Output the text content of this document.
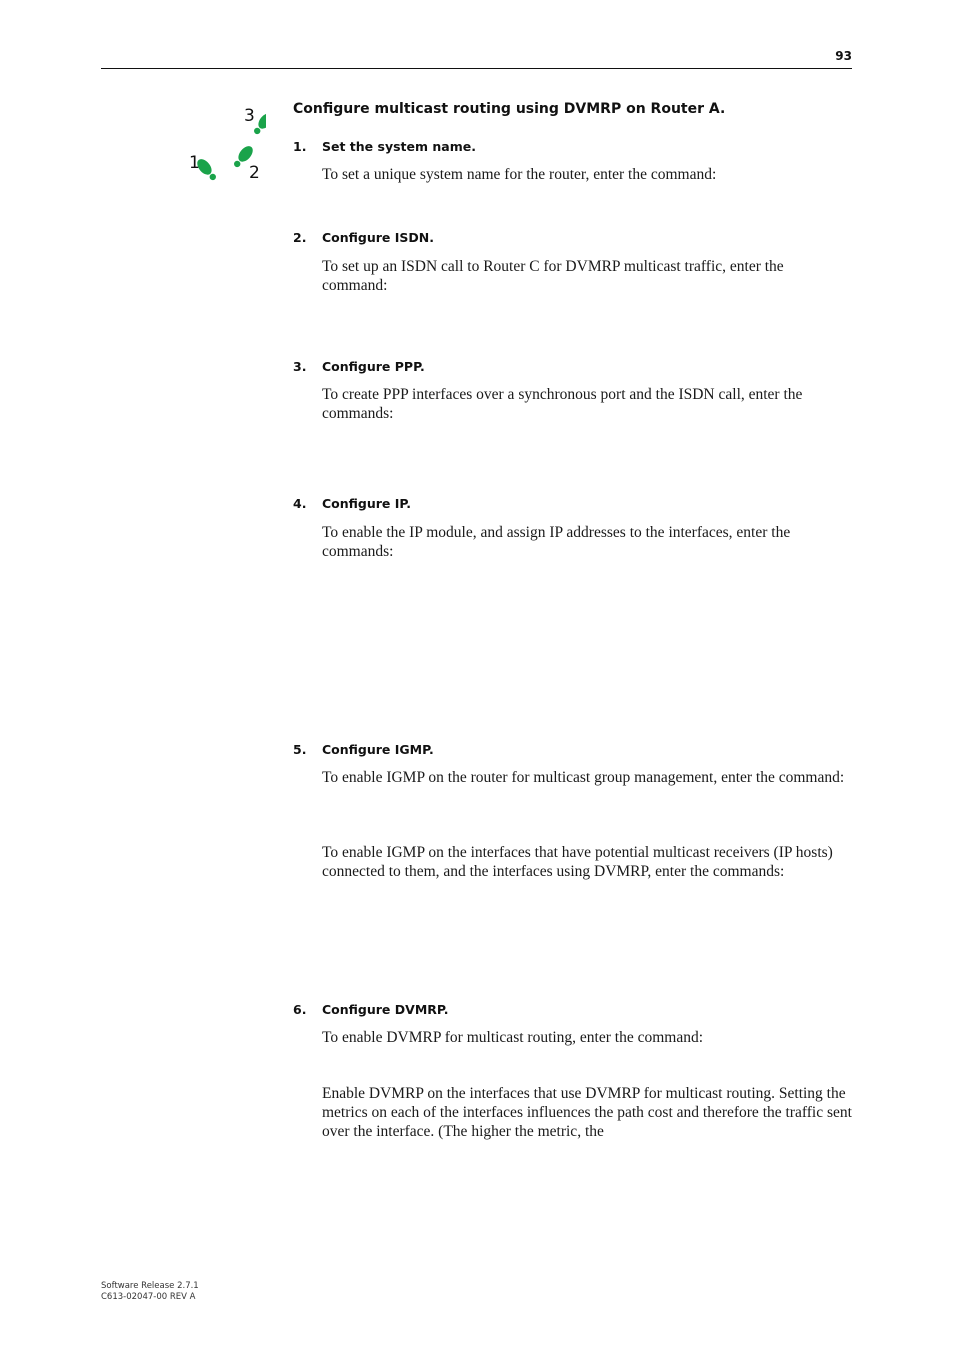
93
1	2
3	Configure multicast routing using DVMRP on Router A.
1. Set the system name.

To set a unique system name for the router, enter the command:

2. Configure ISDN.

To set up an ISDN call to Router C for DVMRP multicast traffic, enter the command:

3. Configure PPP.

To create PPP interfaces over a synchronous port and the ISDN call, enter the commands:

4. Configure IP.

To enable the IP module, and assign IP addresses to the interfaces, enter the commands:

5. Configure IGMP.

To enable IGMP on the router for multicast group management, enter the command:

To enable IGMP on the interfaces that have potential multicast receivers (IP hosts) connected to them, and the interfaces using DVMRP, enter the commands:

6. Configure DVMRP.

To enable DVMRP for multicast routing, enter the command:

Enable DVMRP on the interfaces that use DVMRP for multicast routing. Setting the metrics on each of the interfaces influences the path cost and therefore the traffic sent over the interface. (The higher the metric, the

Software Release 2.7.1
C613-02047-00 REV A
